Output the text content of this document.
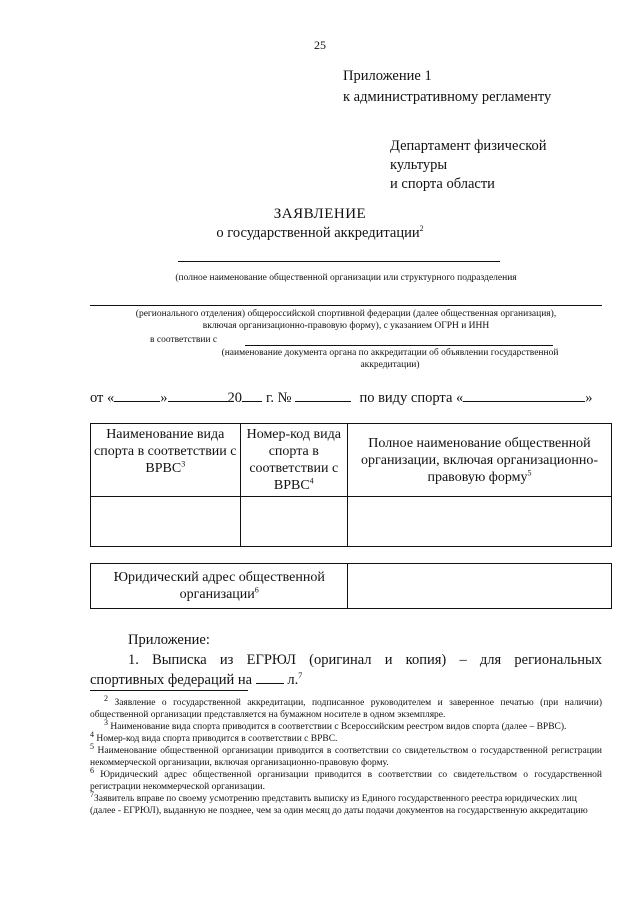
25
Приложение 1
к административному регламенту
Департамент физической
культуры
и спорта области
ЗАЯВЛЕНИЕ
о государственной аккредитации$^2$
(полное наименование общественной организации или структурного подразделения
(регионального отделения) общероссийской спортивной федерации (далее общественная организация),
включая организационно-правовую форму), с указанием ОГРН и ИНН
в соответствии с
(наименование документа органа по аккредитации об объявлении государственной
аккредитации)
от «	»	20 г. №	по виду спорта «	»
Наименование вида спорта в соответствии с ВРВС$^3$	Номер-код вида спорта в соответствии с ВРВС$^4$	Полное наименование общественной организации, включая организационно-правовую форму$^5$

Юридический адрес общественной организации$^6$	
Приложение:
1. Выписка из ЕГРЮЛ (оригинал и копия) – для региональных
спортивных федераций на л.$^7$

$^2$ Заявление о государственной аккредитации, подписанное руководителем и заверенное печатью (при наличии) общественной организации представляется на бумажном носителе в одном экземпляре.

$^3$ Наименование вида спорта приводится в соответствии с Всероссийским реестром видов спорта (далее – ВРВС).

$^4$ Номер-код вида спорта приводится в соответствии с ВРВС.

$^5$ Наименование общественной организации приводится в соответствии со свидетельством о государственной регистрации некоммерческой организации, включая организационно-правовую форму.

$^6$ Юридический адрес общественной организации приводится в соответствии со свидетельством о государственной регистрации некоммерческой организации.

$^7$Заявитель вправе по своему усмотрению представить выписку из Единого государственного реестра юридических лиц (далее - ЕГРЮЛ), выданную не позднее, чем за один месяц до даты подачи документов на государственную аккредитацию
